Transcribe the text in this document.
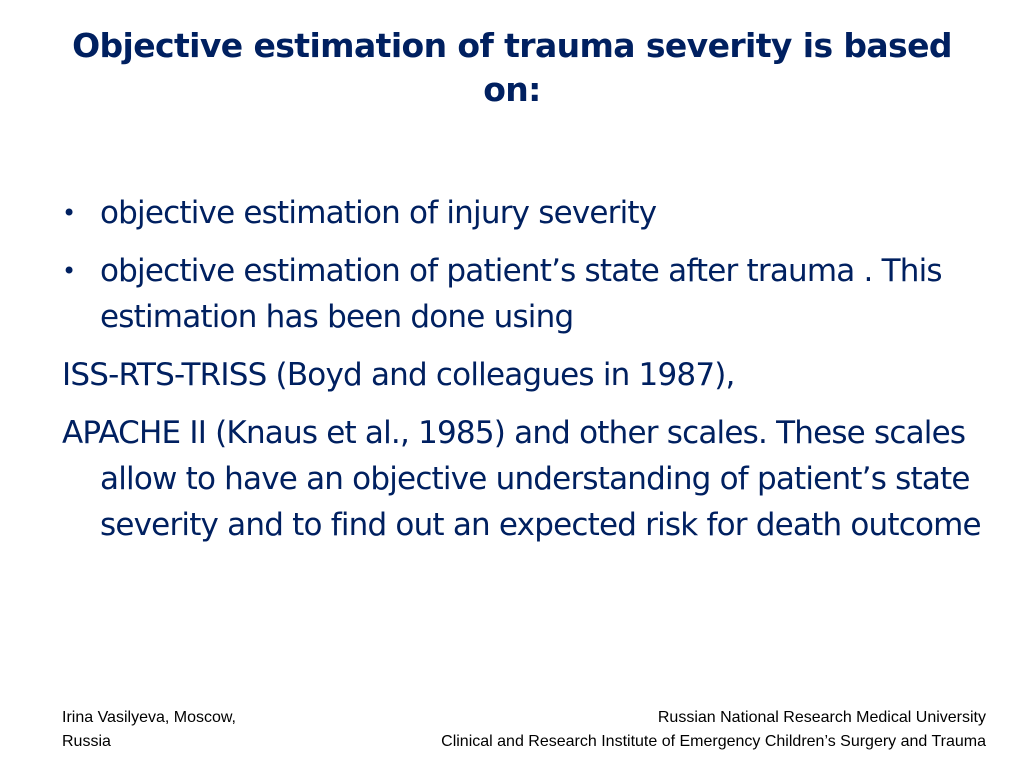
Objective estimation of trauma severity is based on:
• objective estimation of injury severity
• objective estimation of patient’s state after trauma . This estimation has been done using
ISS-RTS-TRISS (Boyd and colleagues in 1987),
APACHE II (Knaus et al., 1985) and other scales. These scales allow to have an objective understanding of patient’s state severity and to find out an expected risk for death outcome
Irina Vasilyeva, Moscow,
Russia
Russian National Research Medical University
Clinical and Research Institute of Emergency Children’s Surgery and Trauma
